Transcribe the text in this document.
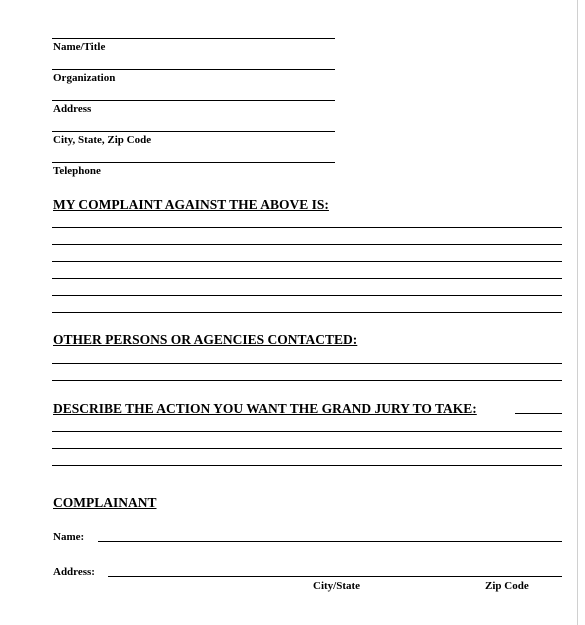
Name/Title
Organization
Address
City, State, Zip Code
Telephone
MY COMPLAINT AGAINST THE ABOVE IS:
OTHER PERSONS OR AGENCIES CONTACTED:
DESCRIBE THE ACTION YOU WANT THE GRAND JURY TO TAKE:
COMPLAINANT
Name:
Address:
City/State	Zip Code
